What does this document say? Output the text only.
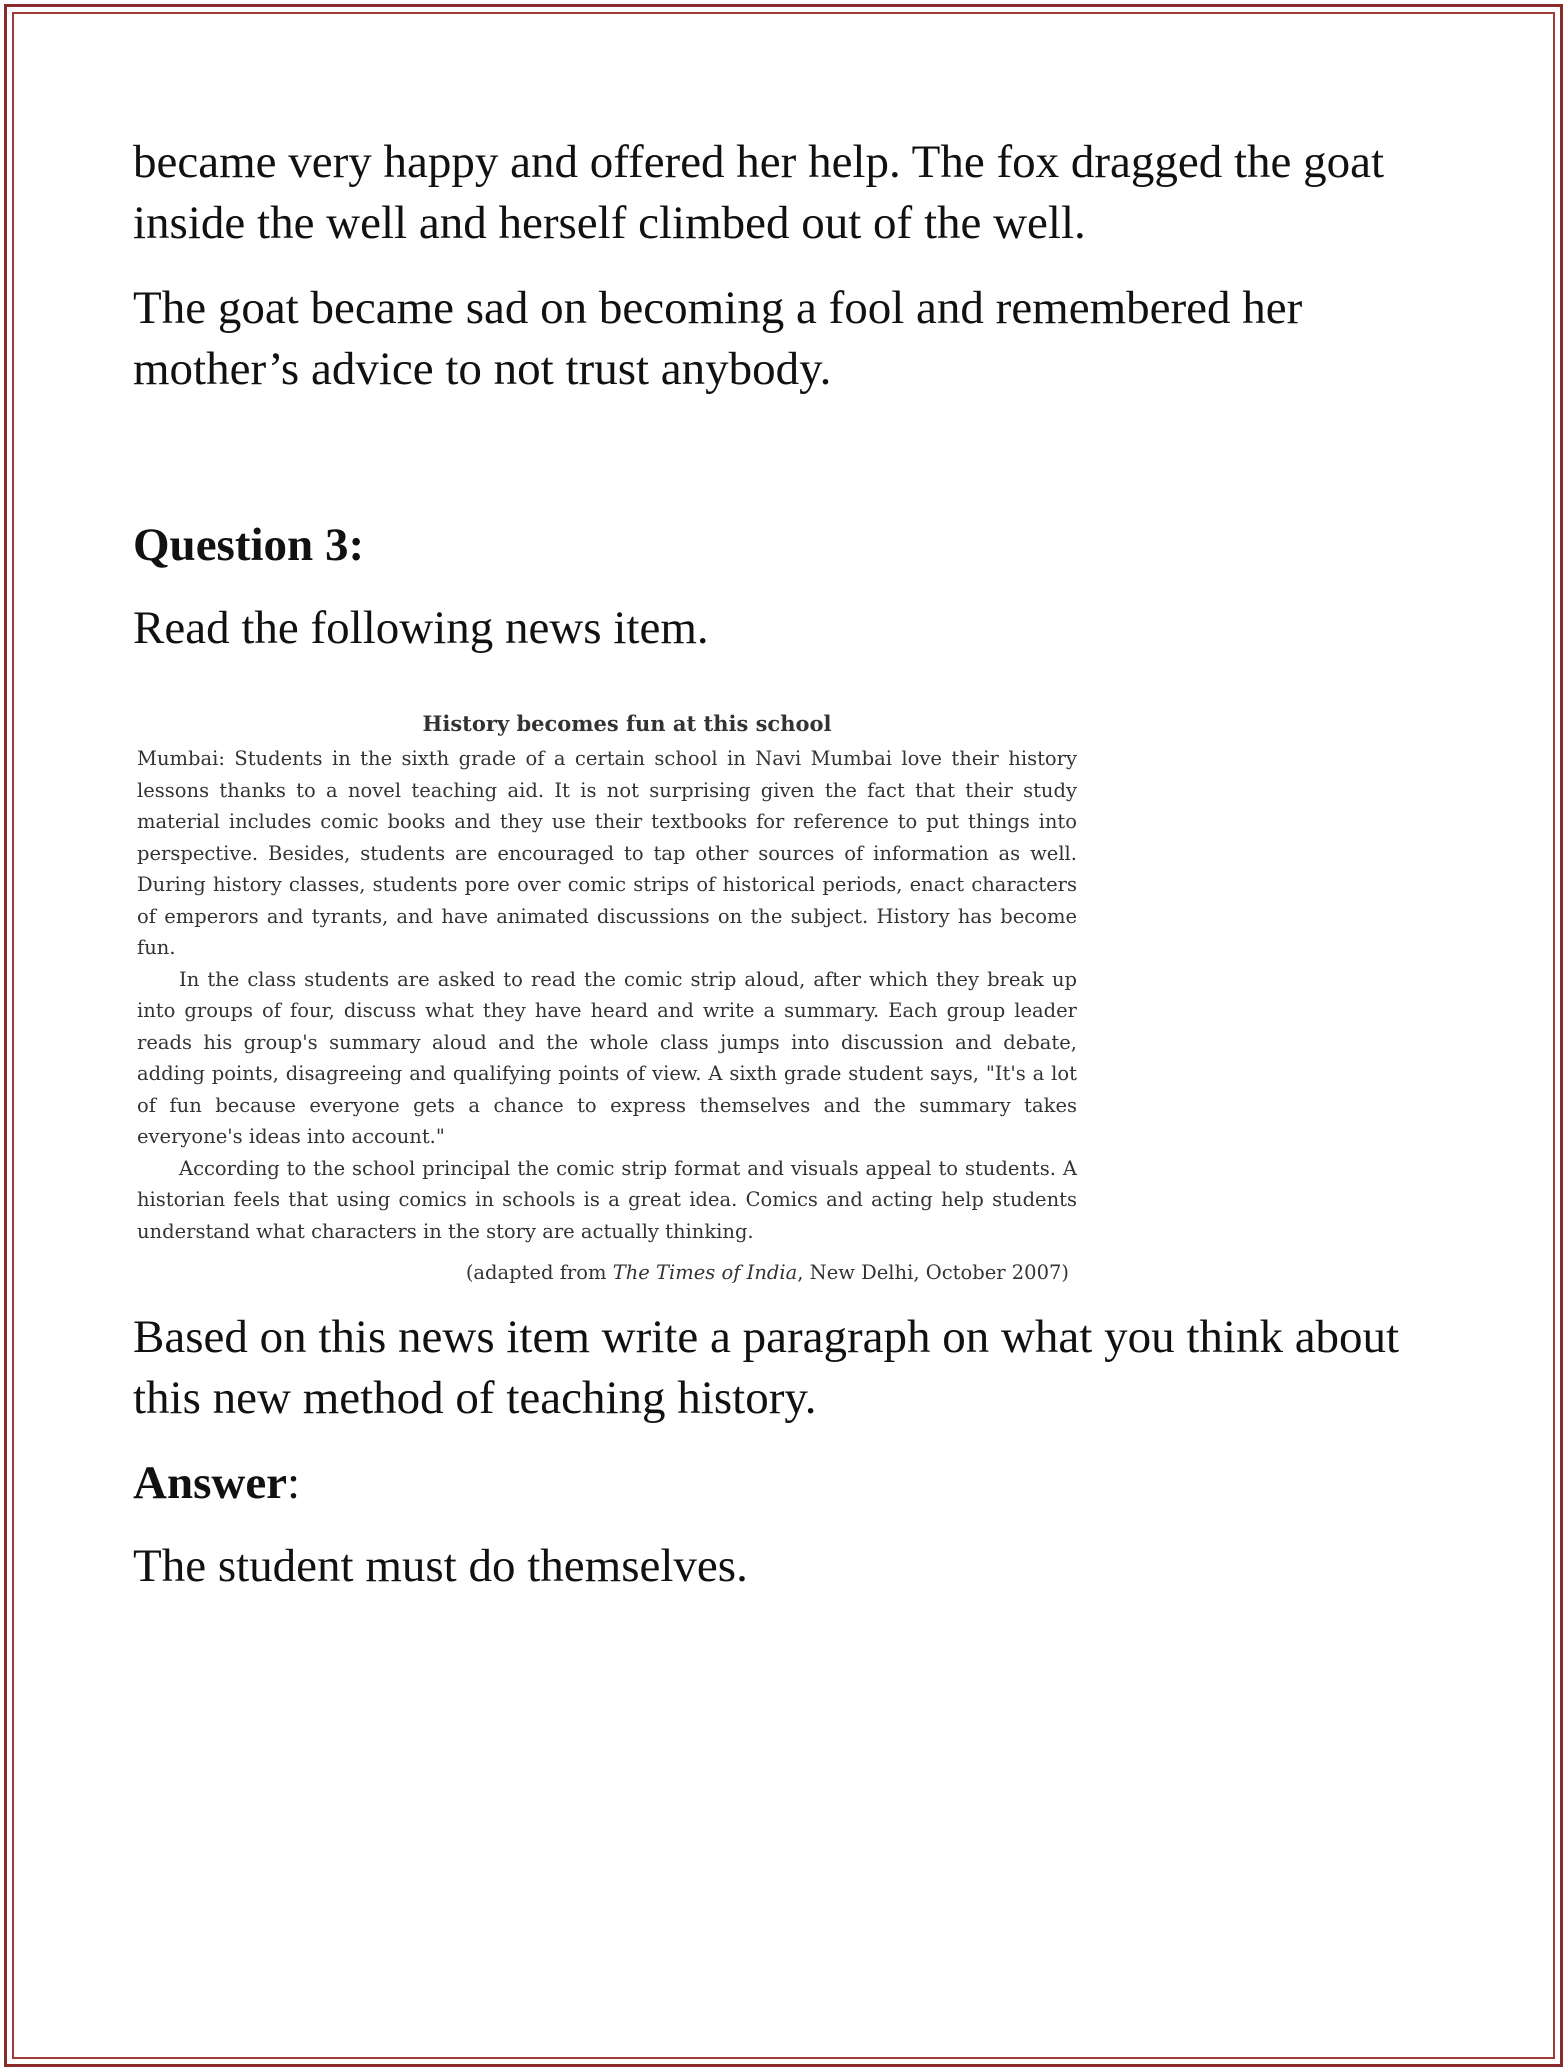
became very happy and offered her help. The fox dragged the goat inside the well and herself climbed out of the well.

The goat became sad on becoming a fool and remembered her mother’s advice to not trust anybody.

Question 3:

Read the following news item.

History becomes fun at this school

Mumbai: Students in the sixth grade of a certain school in Navi Mumbai love their history lessons thanks to a novel teaching aid. It is not surprising given the fact that their study material includes comic books and they use their textbooks for reference to put things into perspective. Besides, students are encouraged to tap other sources of information as well. During history classes, students pore over comic strips of historical periods, enact characters of emperors and tyrants, and have animated discussions on the subject. History has become fun.

In the class students are asked to read the comic strip aloud, after which they break up into groups of four, discuss what they have heard and write a summary. Each group leader reads his group's summary aloud and the whole class jumps into discussion and debate, adding points, disagreeing and qualifying points of view. A sixth grade student says, "It's a lot of fun because everyone gets a chance to express themselves and the summary takes everyone's ideas into account."

According to the school principal the comic strip format and visuals appeal to students. A historian feels that using comics in schools is a great idea. Comics and acting help students understand what characters in the story are actually thinking.

(adapted from The Times of India, New Delhi, October 2007)

Based on this news item write a paragraph on what you think about this new method of teaching history.

Answer:

The student must do themselves.
